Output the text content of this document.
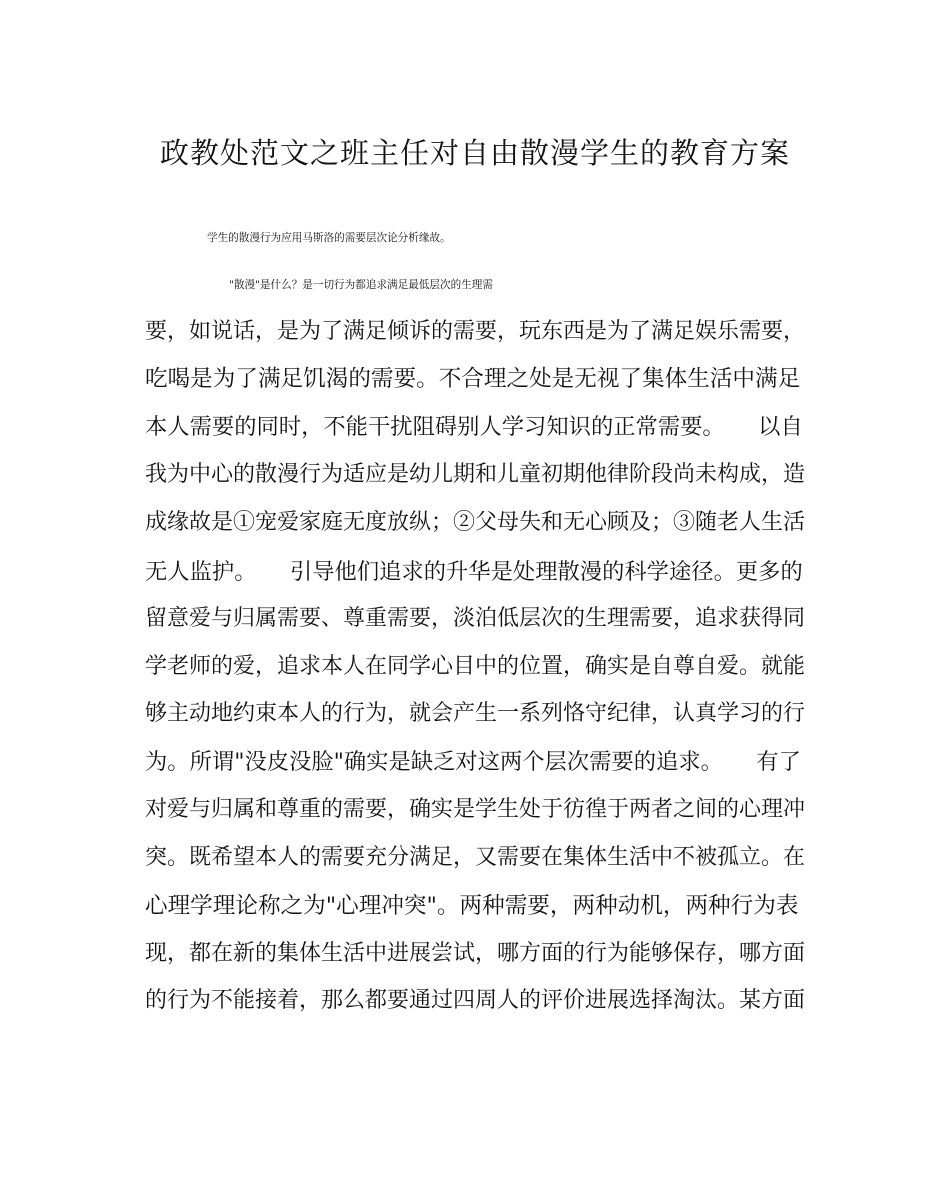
政教处范文之班主任对自由散漫学生的教育方案

学生的散漫行为应用马斯洛的需要层次论分析缘故。

"散漫"是什么？是一切行为都追求满足最低层次的生理需

要，如说话，是为了满足倾诉的需要，玩东西是为了满足娱乐需要，

吃喝是为了满足饥渴的需要。不合理之处是无视了集体生活中满足

本人需要的同时，不能干扰阻碍别人学习知识的正常需要。　　以自

我为中心的散漫行为适应是幼儿期和儿童初期他律阶段尚未构成，造

成缘故是①宠爱家庭无度放纵；②父母失和无心顾及；③随老人生活

无人监护。　　引导他们追求的升华是处理散漫的科学途径。更多的

留意爱与归属需要、尊重需要，淡泊低层次的生理需要，追求获得同

学老师的爱，追求本人在同学心目中的位置，确实是自尊自爱。就能

够主动地约束本人的行为，就会产生一系列恪守纪律，认真学习的行

为。所谓"没皮没脸"确实是缺乏对这两个层次需要的追求。　　有了

对爱与归属和尊重的需要，确实是学生处于彷徨于两者之间的心理冲

突。既希望本人的需要充分满足，又需要在集体生活中不被孤立。在

心理学理论称之为"心理冲突"。两种需要，两种动机，两种行为表

现，都在新的集体生活中进展尝试，哪方面的行为能够保存，哪方面

的行为不能接着，那么都要通过四周人的评价进展选择淘汰。某方面
